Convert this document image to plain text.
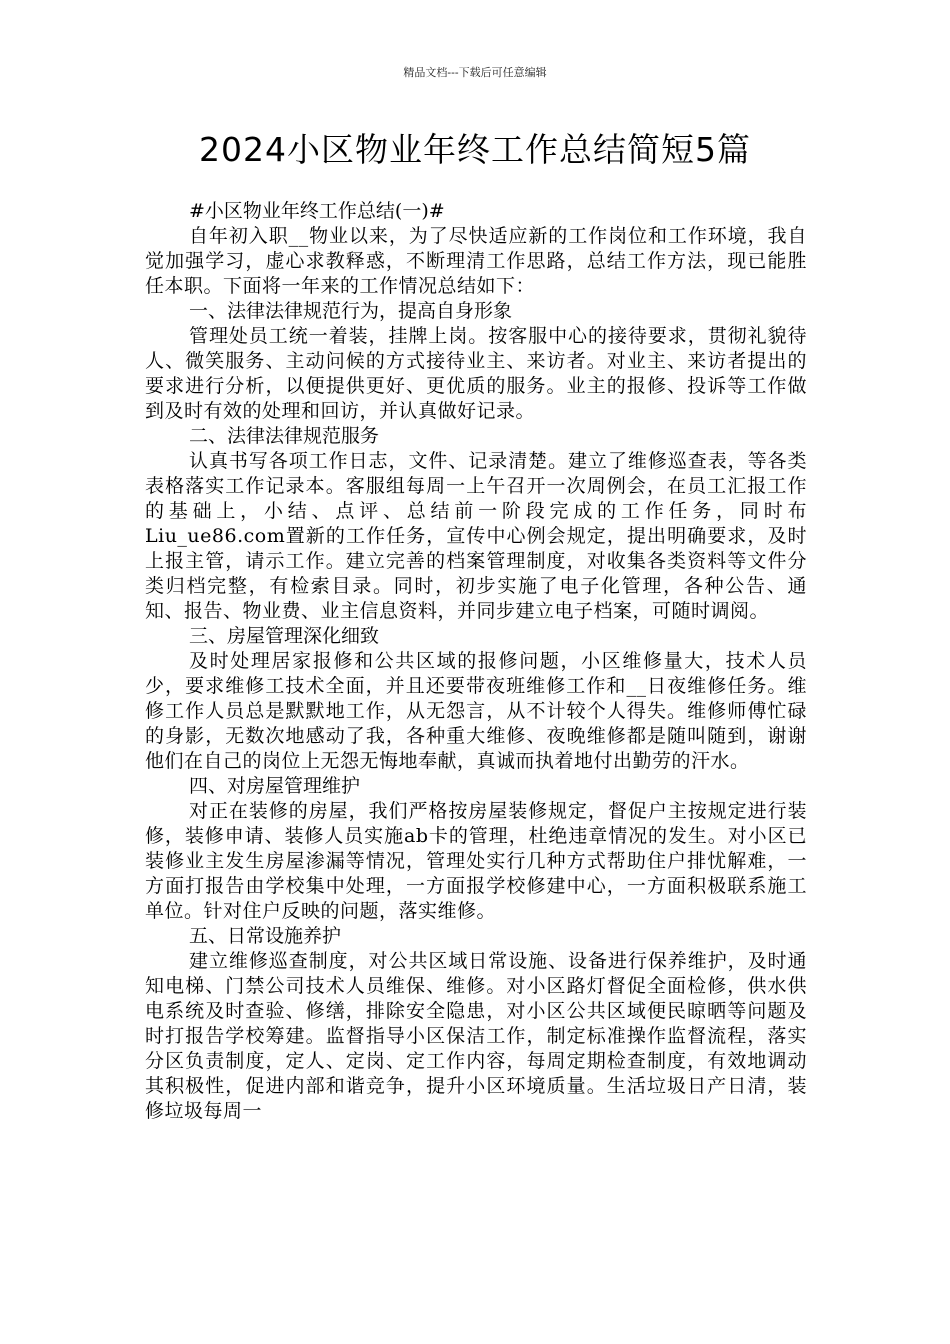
精品文档---下载后可任意编辑
2024小区物业年终工作总结简短5篇

#小区物业年终工作总结(一)#

自年初入职__物业以来，为了尽快适应新的工作岗位和工作环境，我自觉加强学习，虚心求教释惑，不断理清工作思路，总结工作方法，现已能胜任本职。下面将一年来的工作情况总结如下：

一、法律法律规范行为，提高自身形象

管理处员工统一着装，挂牌上岗。按客服中心的接待要求，贯彻礼貌待人、微笑服务、主动问候的方式接待业主、来访者。对业主、来访者提出的要求进行分析，以便提供更好、更优质的服务。业主的报修、投诉等工作做到及时有效的处理和回访，并认真做好记录。

二、法律法律规范服务

认真书写各项工作日志，文件、记录清楚。建立了维修巡查表，等各类表格落实工作记录本。客服组每周一上午召开一次周例会，在员工汇报工作的基础上，小结、点评、总结前一阶段完成的工作任务，同时布Liu_ue86.com置新的工作任务，宣传中心例会规定，提出明确要求，及时上报主管，请示工作。建立完善的档案管理制度，对收集各类资料等文件分类归档完整，有检索目录。同时，初步实施了电子化管理，各种公告、通知、报告、物业费、业主信息资料，并同步建立电子档案，可随时调阅。

三、房屋管理深化细致

及时处理居家报修和公共区域的报修问题，小区维修量大，技术人员少，要求维修工技术全面，并且还要带夜班维修工作和__日夜维修任务。维修工作人员总是默默地工作，从无怨言，从不计较个人得失。维修师傅忙碌的身影，无数次地感动了我，各种重大维修、夜晚维修都是随叫随到，谢谢他们在自己的岗位上无怨无悔地奉献，真诚而执着地付出勤劳的汗水。

四、对房屋管理维护

对正在装修的房屋，我们严格按房屋装修规定，督促户主按规定进行装修，装修申请、装修人员实施ab卡的管理，杜绝违章情况的发生。对小区已装修业主发生房屋渗漏等情况，管理处实行几种方式帮助住户排忧解难，一方面打报告由学校集中处理，一方面报学校修建中心，一方面积极联系施工单位。针对住户反映的问题，落实维修。

五、日常设施养护

建立维修巡查制度，对公共区域日常设施、设备进行保养维护，及时通知电梯、门禁公司技术人员维保、维修。对小区路灯督促全面检修，供水供电系统及时查验、修缮，排除安全隐患，对小区公共区域便民晾晒等问题及时打报告学校筹建。监督指导小区保洁工作，制定标准操作监督流程，落实分区负责制度，定人、定岗、定工作内容，每周定期检查制度，有效地调动其积极性，促进内部和谐竞争，提升小区环境质量。生活垃圾日产日清，装修垃圾每周一
